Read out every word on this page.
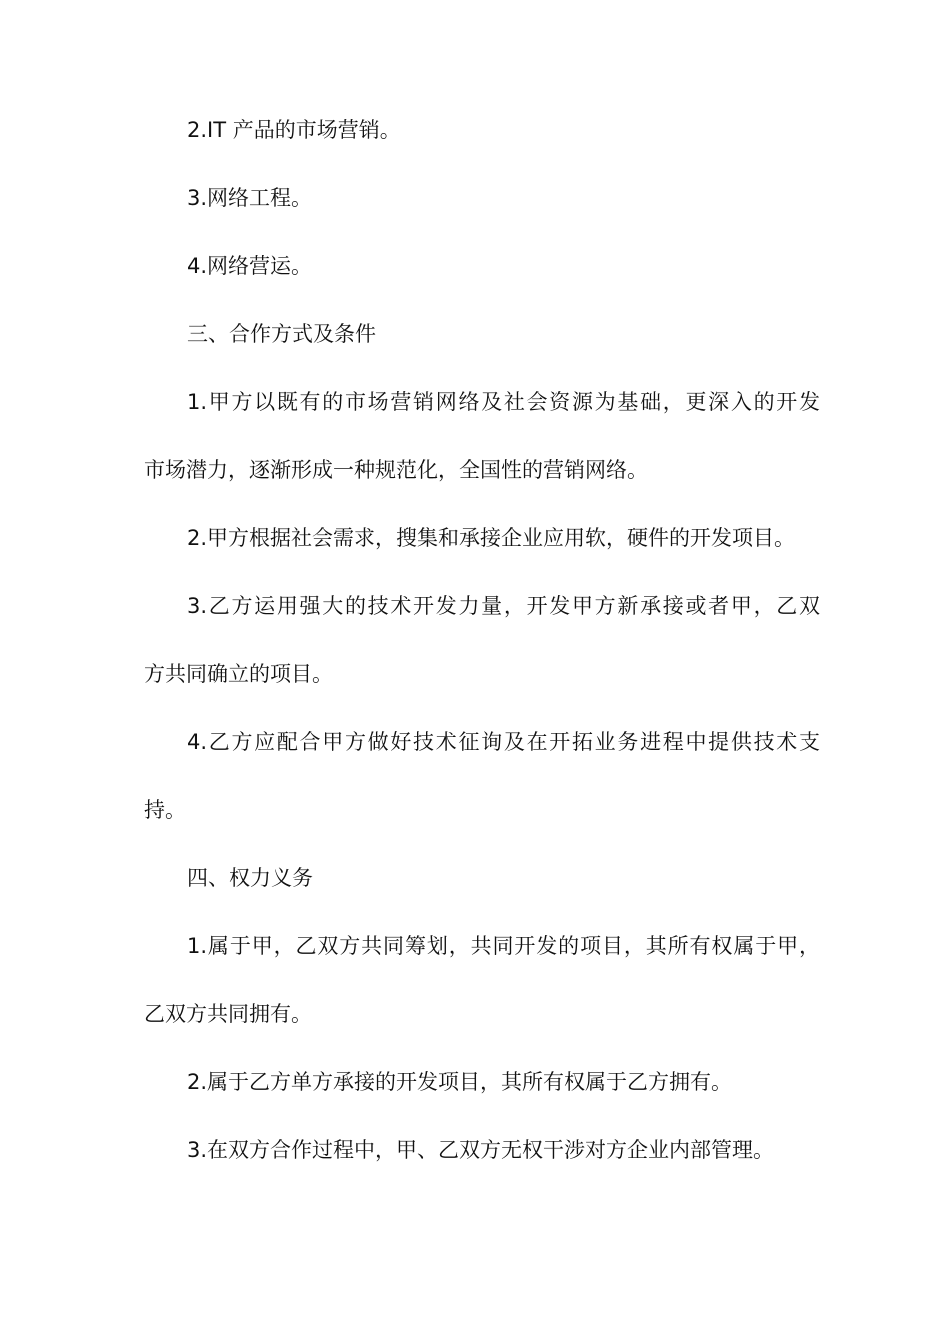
2.IT 产品的市场营销。
3.网络工程。
4.网络营运。
三、合作方式及条件
1.甲方以既有的市场营销网络及社会资源为基础，更深入的开发
市场潜力，逐渐形成一种规范化，全国性的营销网络。
2.甲方根据社会需求，搜集和承接企业应用软，硬件的开发项目。
3.乙方运用强大的技术开发力量，开发甲方新承接或者甲，乙双
方共同确立的项目。
4.乙方应配合甲方做好技术征询及在开拓业务进程中提供技术支
持。
四、权力义务
1.属于甲，乙双方共同筹划，共同开发的项目，其所有权属于甲，
乙双方共同拥有。
2.属于乙方单方承接的开发项目，其所有权属于乙方拥有。
3.在双方合作过程中，甲、乙双方无权干涉对方企业内部管理。
